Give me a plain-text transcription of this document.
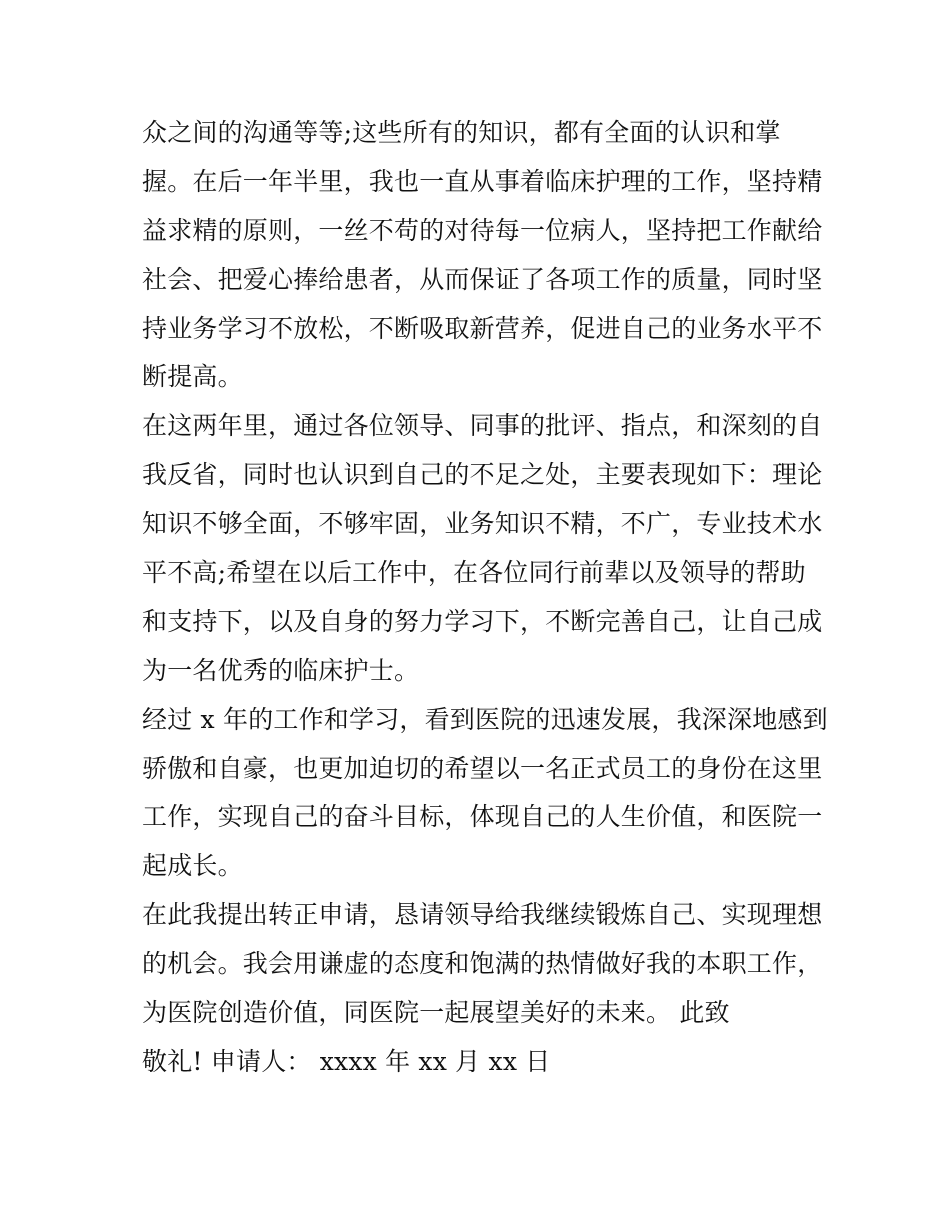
众之间的沟通等等;这些所有的知识，都有全面的认识和掌
握。在后一年半里，我也一直从事着临床护理的工作，坚持精
益求精的原则，一丝不苟的对待每一位病人，坚持把工作献给
社会、把爱心捧给患者，从而保证了各项工作的质量，同时坚
持业务学习不放松，不断吸取新营养，促进自己的业务水平不
断提高。
在这两年里，通过各位领导、同事的批评、指点，和深刻的自
我反省，同时也认识到自己的不足之处，主要表现如下：理论
知识不够全面，不够牢固，业务知识不精，不广，专业技术水
平不高;希望在以后工作中，在各位同行前辈以及领导的帮助
和支持下，以及自身的努力学习下，不断完善自己，让自己成
为一名优秀的临床护士。
经过 x 年的工作和学习，看到医院的迅速发展，我深深地感到
骄傲和自豪，也更加迫切的希望以一名正式员工的身份在这里
工作，实现自己的奋斗目标，体现自己的人生价值，和医院一
起成长。
在此我提出转正申请，恳请领导给我继续锻炼自己、实现理想
的机会。我会用谦虚的态度和饱满的热情做好我的本职工作，
为医院创造价值，同医院一起展望美好的未来。 此致
敬礼! 申请人： xxxx 年 xx 月 xx 日
